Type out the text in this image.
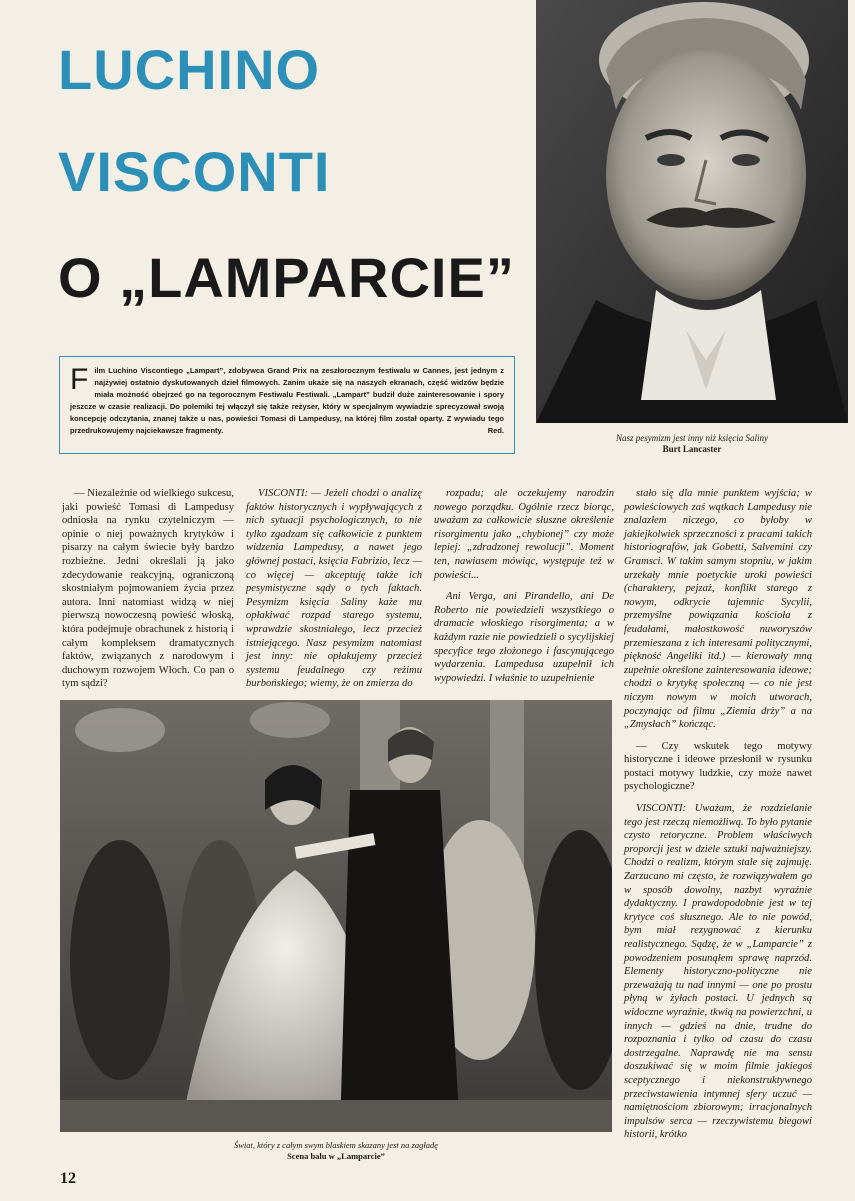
LUCHINO
VISCONTI
O „LAMPARCIE”
Nasz pesymizm jest inny niż księcia Saliny
Burt Lancaster
Film Luchino Viscontiego „Lampart”, zdobywca Grand Prix na zeszłorocznym festiwalu w Cannes, jest jednym z najżywiej ostatnio dyskutowanych dzieł filmowych. Zanim ukaże się na naszych ekranach, część widzów będzie miała możność obejrzeć go na tegorocznym Festiwalu Festiwali. „Lampart” budził duże zainteresowanie i spory jeszcze w czasie realizacji. Do polemiki tej włączył się także reżyser, który w specjalnym wywiadzie sprecyzował swoją koncepcję odczytania, znanej także u nas, powieści Tomasi di Lampedusy, na której film został oparty. Z wywiadu tego przedrukowujemy najciekawsze fragmenty.	Red.

— Niezależnie od wielkiego sukcesu, jaki powieść Tomasi di Lampedusy odniosła na rynku czytelniczym — opinie o niej poważnych krytyków i pisarzy na całym świecie były bardzo rozbieżne. Jedni określali ją jako zdecydowanie reakcyjną, ograniczoną skostniałym pojmowaniem życia przez autora. Inni natomiast widzą w niej pierwszą nowoczesną powieść włoską, która podejmuje obrachunek z historią i całym kompleksem dramatycznych faktów, związanych z narodowym i duchowym rozwojem Włoch. Co pan o tym sądzi?

VISCONTI: — Jeżeli chodzi o analizę faktów historycznych i wypływających z nich sytuacji psychologicznych, to nie tylko zgadzam się całkowicie z punktem widzenia Lampedusy, a nawet jego głównej postaci, księcia Fabrizio, lecz — co więcej — akceptuję także ich pesymistyczne sądy o tych faktach. Pesymizm księcia Saliny każe mu opłakiwać rozpad starego systemu, wprawdzie skostniałego, lecz przecież istniejącego. Nasz pesymizm natomiast jest inny: nie opłakujemy przecież systemu feudalnego czy reżimu burbońskiego; wiemy, że on zmierza do

rozpadu; ale oczekujemy narodzin nowego porządku. Ogólnie rzecz biorąc, uważam za całkowicie słuszne określenie risorgimentu jako „chybionej” czy może lepiej: „zdradzonej rewolucji”. Moment ten, nawiasem mówiąc, występuje też w powieści...

Ani Verga, ani Pirandello, ani De Roberto nie powiedzieli wszystkiego o dramacie włoskiego risorgimenta; a w każdym razie nie powiedzieli o sycylijskiej specyfice tego złożonego i fascynującego wydarzenia. Lampedusa uzupełnił ich wypowiedzi. I właśnie to uzupełnienie

stało się dla mnie punktem wyjścia; w powieściowych zaś wątkach Lampedusy nie znalazłem niczego, co byłoby w jakiejkolwiek sprzeczności z pracami takich historiografów, jak Gobetti, Salvemini czy Gramsci. W takim samym stopniu, w jakim urzekały mnie poetyckie uroki powieści (charaktery, pejzaż, konflikt starego z nowym, odkrycie tajemnic Sycylii, przemyślne powiązania kościoła z feudałami, małostkowość nuworyszów przemieszana z ich interesami politycznymi, piękność Angeliki itd.) — kierowały mną zupełnie określone zainteresowania ideowe; chodzi o krytykę społeczną — co nie jest niczym nowym w moich utworach, poczynając od filmu „Ziemia drży” a na „Zmysłach” kończąc.

— Czy wskutek tego motywy historyczne i ideowe przesłonił w rysunku postaci motywy ludzkie, czy może nawet psychologiczne?

VISCONTI: Uważam, że rozdzielanie tego jest rzeczą niemożliwą. To było pytanie czysto retoryczne. Problem właściwych proporcji jest w dziele sztuki najważniejszy. Chodzi o realizm, którym stale się zajmuję. Zarzucano mi często, że rozwiązywałem go w sposób dowolny, nazbyt wyraźnie dydaktyczny. I prawdopodobnie jest w tej krytyce coś słusznego. Ale to nie powód, bym miał rezygnować z kierunku realistycznego. Sądzę, że w „Lamparcie” z powodzeniem posunąłem sprawę naprzód. Elementy historyczno-polityczne nie przeważają tu nad innymi — one po prostu płyną w żyłach postaci. U jednych są widoczne wyraźnie, tkwią na powierzchni, u innych — gdzieś na dnie, trudne do rozpoznania i tylko od czasu do czasu dostrzegalne. Naprawdę nie ma sensu doszukiwać się w moim filmie jakiegoś sceptycznego i niekonstruktywnego przeciwstawienia intymnej sfery uczuć — namiętnościom zbiorowym; irracjonalnych impulsów serca — rzeczywistemu biegowi historii, krótko

Świat, który z całym swym blaskiem skazany jest na zagładę
Scena balu w „Lamparcie”
12
